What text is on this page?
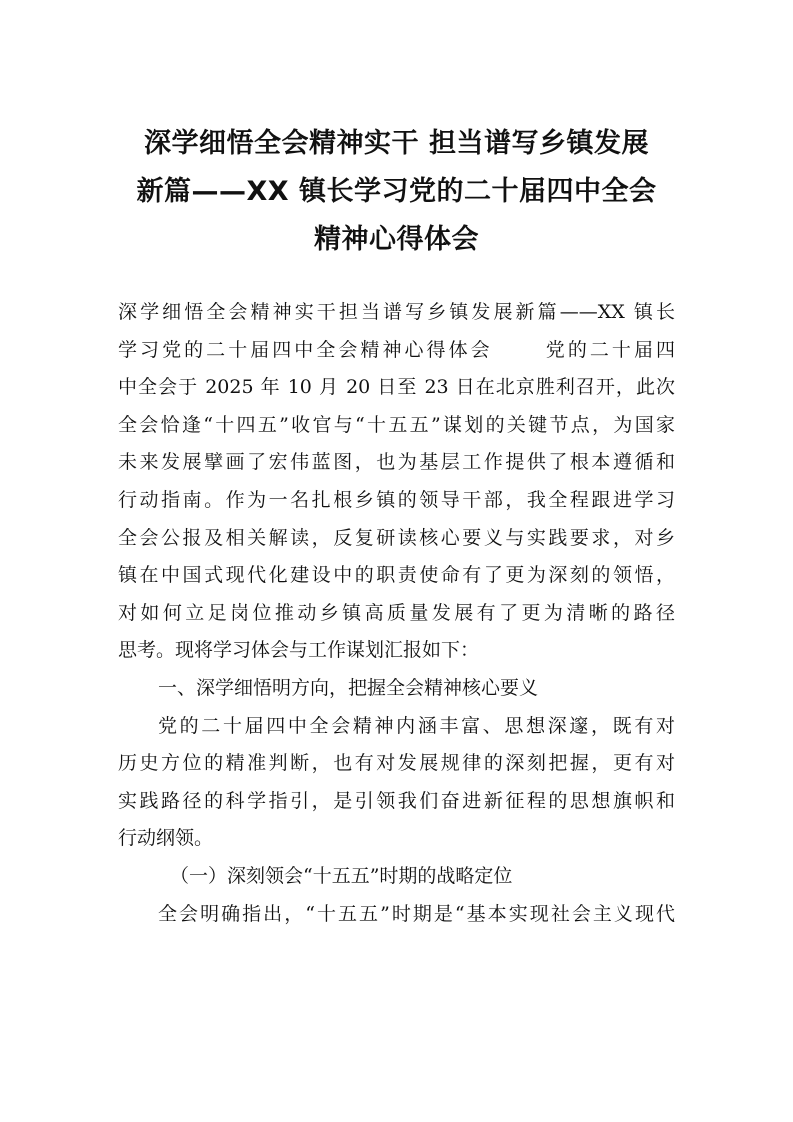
深学细悟全会精神实干 担当谱写乡镇发展
新篇——XX 镇长学习党的二十届四中全会
精神心得体会
深学细悟全会精神实干担当谱写乡镇发展新篇——XX 镇长
学习党的二十届四中全会精神心得体会　　 党的二十届四
中全会于 2025 年 10 月 20 日至 23 日在北京胜利召开，此次
全会恰逢“十四五”收官与“十五五”谋划的关键节点，为国家
未来发展擘画了宏伟蓝图，也为基层工作提供了根本遵循和
行动指南。作为一名扎根乡镇的领导干部，我全程跟进学习
全会公报及相关解读，反复研读核心要义与实践要求，对乡
镇在中国式现代化建设中的职责使命有了更为深刻的领悟，
对如何立足岗位推动乡镇高质量发展有了更为清晰的路径
思考。现将学习体会与工作谋划汇报如下：
一、深学细悟明方向，把握全会精神核心要义
党的二十届四中全会精神内涵丰富、思想深邃，既有对
历史方位的精准判断，也有对发展规律的深刻把握，更有对
实践路径的科学指引，是引领我们奋进新征程的思想旗帜和
行动纲领。
（一）深刻领会“十五五”时期的战略定位
全会明确指出，“十五五”时期是“基本实现社会主义现代
